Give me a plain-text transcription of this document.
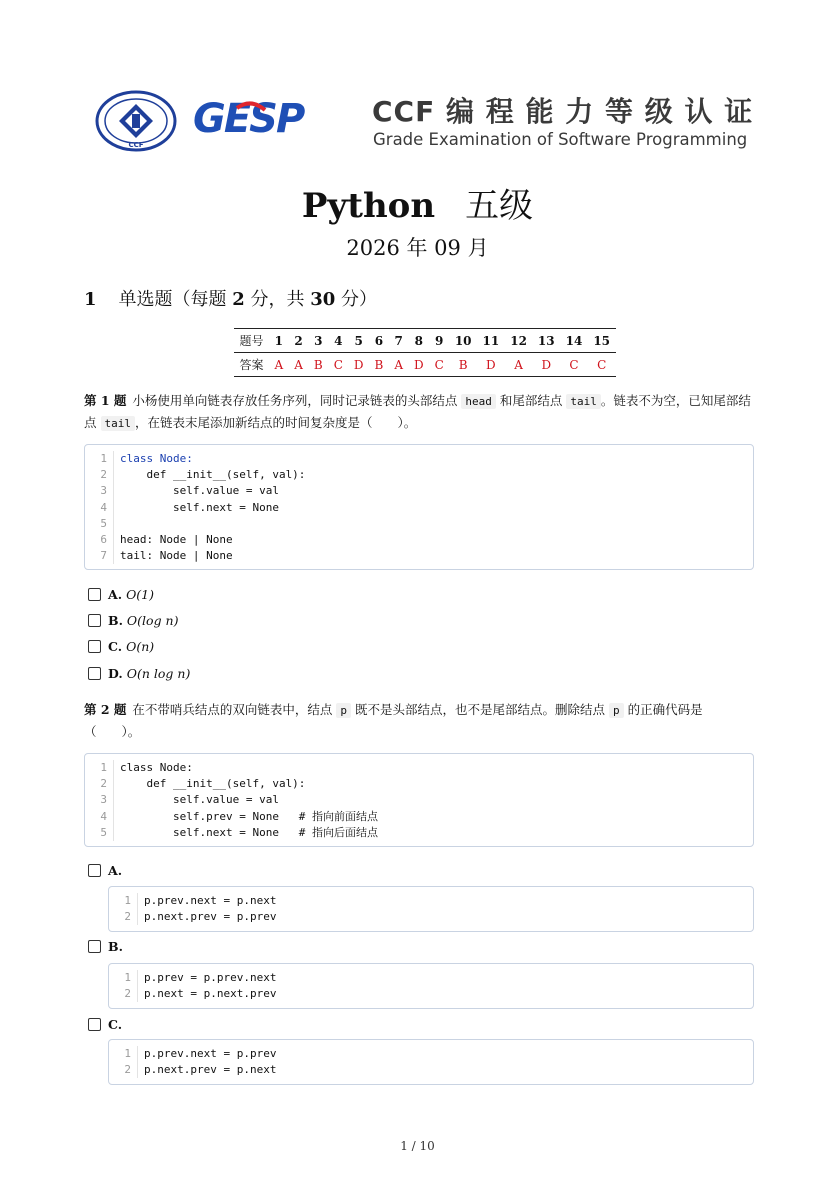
CCF
GESP CCF 编 程 能 力 等 级 认 证
Grade Examination of Software Programming
Python 五级
2026 年 09 月
1 单选题（每题 2 分，共 30 分）
题号	1	2	3	4	5	6	7	8	9	10	11	12	13	14	15
答案	A	A	B	C	D	B	A	D	C	B	D	A	D	C	C
第 1 题 小杨使用单向链表存放任务序列，同时记录链表的头部结点 head 和尾部结点 tail 。链表不为空，已知尾部结点 tail ，在链表末尾添加新结点的时间复杂度是（　　）。
1	class Node:
2	def __init__(self, val):
3	self.value = val
4	self.next = None
5
6	head: Node | None
7	tail: Node | None
A. O(1)
B. O(log n)
C. O(n)
D. O(n log n)
第 2 题 在不带哨兵结点的双向链表中，结点 p 既不是头部结点，也不是尾部结点。删除结点 p 的正确代码是（　　）。
1	class Node:
2	def __init__(self, val):
3	self.value = val
4	self.prev = None   # 指向前面结点
5	self.next = None   # 指向后面结点
A.
1	p.prev.next = p.next
2	p.next.prev = p.prev
B.
1	p.prev = p.prev.next
2	p.next = p.next.prev
C.
1	p.prev.next = p.prev
2	p.next.prev = p.next
1 / 10
